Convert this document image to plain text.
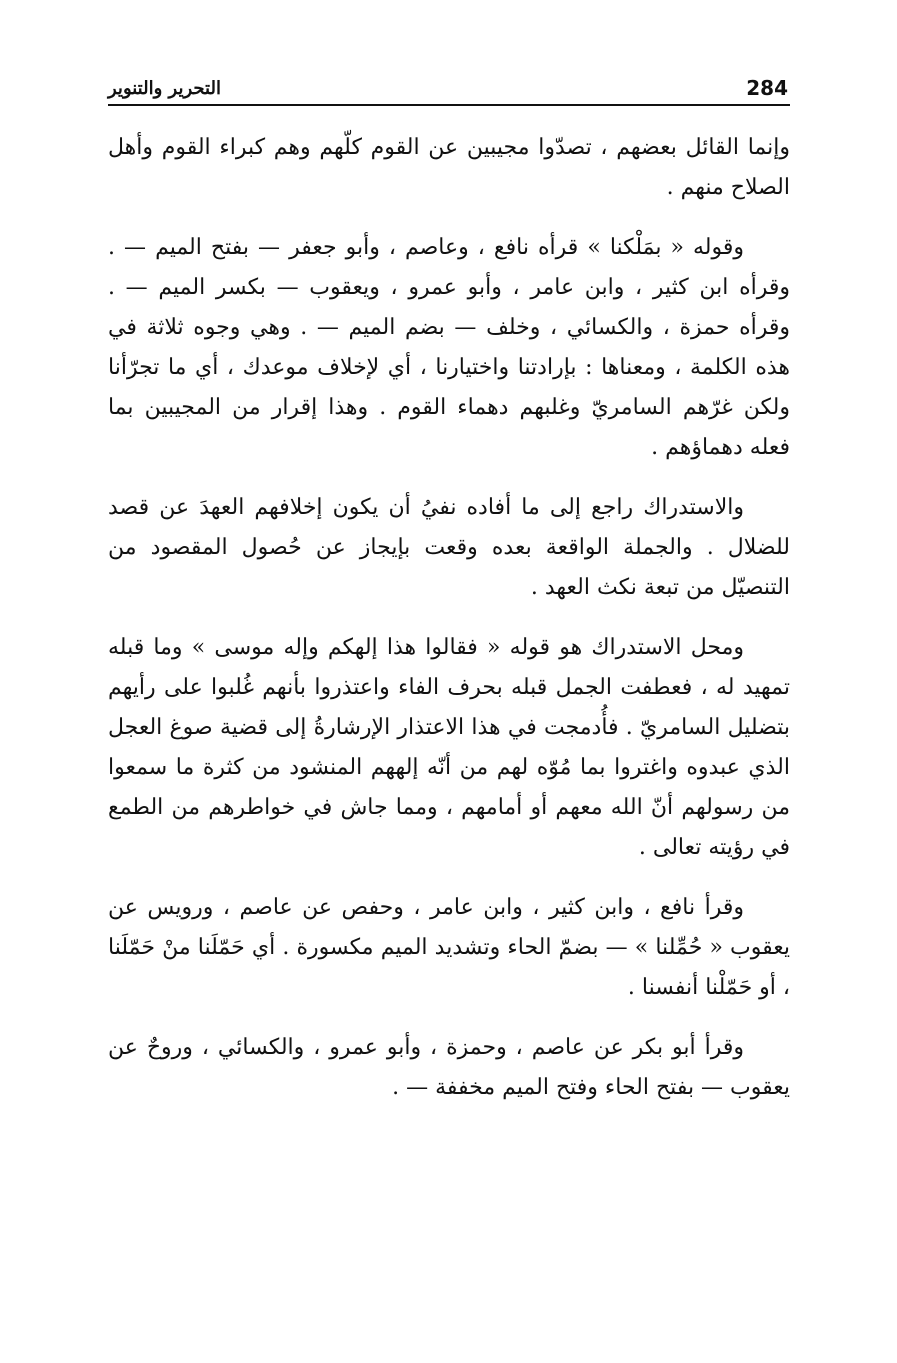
284
التحرير والتنوير

وإنما القائل بعضهم ، تصدّوا مجيبين عن القوم كلّهم وهم كبراء القوم وأهل الصلاح منهم .

وقوله « بمَلْكنا » قرأه نافع ، وعاصم ، وأبو جعفر — بفتح الميم — . وقرأه ابن كثير ، وابن عامر ، وأبو عمرو ، ويعقوب — بكسر الميم — . وقرأه حمزة ، والكسائي ، وخلف — بضم الميم — . وهي وجوه ثلاثة في هذه الكلمة ، ومعناها : بإرادتنا واختيارنا ، أي لإخلاف موعدك ، أي ما تجرّأنا ولكن غرّهم السامريّ وغلبهم دهماء القوم . وهذا إقرار من المجيبين بما فعله دهماؤهم .

والاستدراك راجع إلى ما أفاده نفيُ أن يكون إخلافهم العهدَ عن قصد للضلال . والجملة الواقعة بعده وقعت بإيجاز عن حُصول المقصود من التنصيّل من تبعة نكث العهد .

ومحل الاستدراك هو قوله « فقالوا هذا إلهكم وإله موسى » وما قبله تمهيد له ، فعطفت الجمل قبله بحرف الفاء واعتذروا بأنهم غُلبوا على رأيهم بتضليل السامريّ . فأُدمجت في هذا الاعتذار الإرشارةُ إلى قضية صوغ العجل الذي عبدوه واغتروا بما مُوّه لهم من أنّه إلههم المنشود من كثرة ما سمعوا من رسولهم أنّ الله معهم أو أمامهم ، ومما جاش في خواطرهم من الطمع في رؤيته تعالى .

وقرأ نافع ، وابن كثير ، وابن عامر ، وحفص عن عاصم ، ورويس عن يعقوب « حُمِّلنا » — بضمّ الحاء وتشديد الميم مكسورة . أي حَمّلَنا منْ حَمّلَنا ، أو حَمّلْنا أنفسنا .

وقرأ أبو بكر عن عاصم ، وحمزة ، وأبو عمرو ، والكسائي ، وروحٌ عن يعقوب — بفتح الحاء وفتح الميم مخففة — .
